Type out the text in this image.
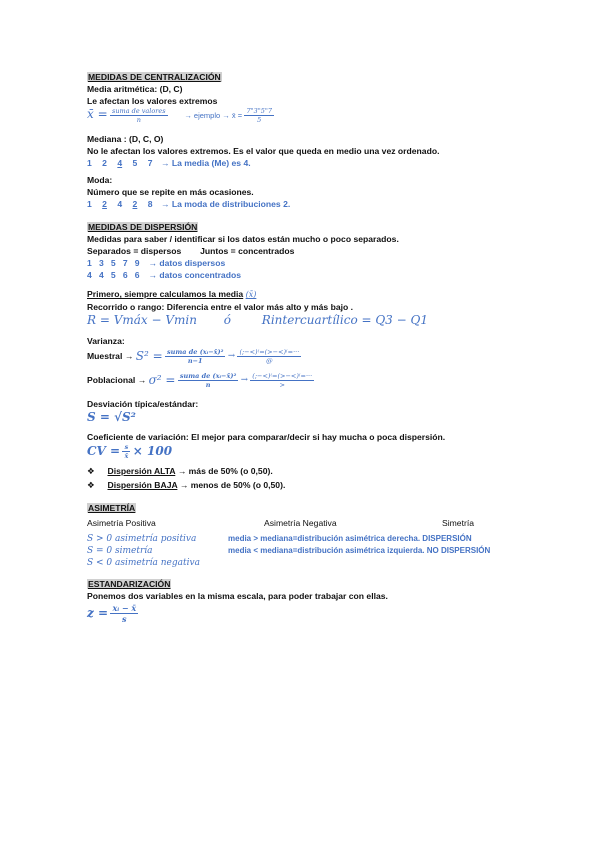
MEDIDAS DE CENTRALIZACIÓN
Media aritmética: (D, C)
Le afectan los valores extremos
x̄ = $\frac{\text{suma de valores}}{n}$ → ejemplo → x̄ = $\frac{7"3"5"7}{5}$
Mediana : (D, C, O)
No le afectan los valores extremos. Es el valor que queda en medio una vez ordenado.
1 2 4 5 7 → La media (Me) es 4.
Moda:
Número que se repite en más ocasiones.
1 2 4 2 8 → La moda de distribuciones 2.
MEDIDAS DE DISPERSIÓN
Medidas para saber / identificar si los datos están mucho o poco separados.
Separados = dispersos Juntos = concentrados
1   3   5   7   9 → datos dispersos
4   4   5   6   6 → datos concentrados
Primero, siempre calculamos la media (x̄)
Recorrido o rango: Diferencia entre el valor más alto y más bajo .
R = Vmáx − Vmin ó	Rintercuartílico = Q3 − Q1
Varianza:
Muestral → $S^2 = \frac{\text{suma de (xᵢ−x̄)²}}{n-1} \to \frac{(;-<)^(=(>-<)^(=\cdot\cdot\cdot}{@}$
Poblacional → $\sigma^2 = \frac{\text{suma de (xᵢ−x̄)²}}{n} \to \frac{(;-<)^(=(>-<)^(=\cdot\cdot\cdot}{>}$
Desviación típica/estándar:
S = √S²
Coeficiente de variación: El mejor para comparar/decir si hay mucha o poca dispersión.
CV = $\frac{s}{x̄} \times 100$
❖ Dispersión ALTA → más de 50% (o 0,50).
❖ Dispersión BAJA → menos de 50% (o 0,50).
ASIMETRÍA
Asimetría Positiva	Asimetría Negativa	Simetría
S > 0 asimetría positiva	media > mediana=distribución asimétrica derecha. DISPERSIÓN
S = 0 simetría	media < mediana=distribución asimétrica izquierda. NO DISPERSIÓN
S < 0 asimetría negativa
ESTANDARIZACIÓN
Ponemos dos variables en la misma escala, para poder trabajar con ellas.
$z = \frac{\text{xᵢ − x̄}}{s}$
